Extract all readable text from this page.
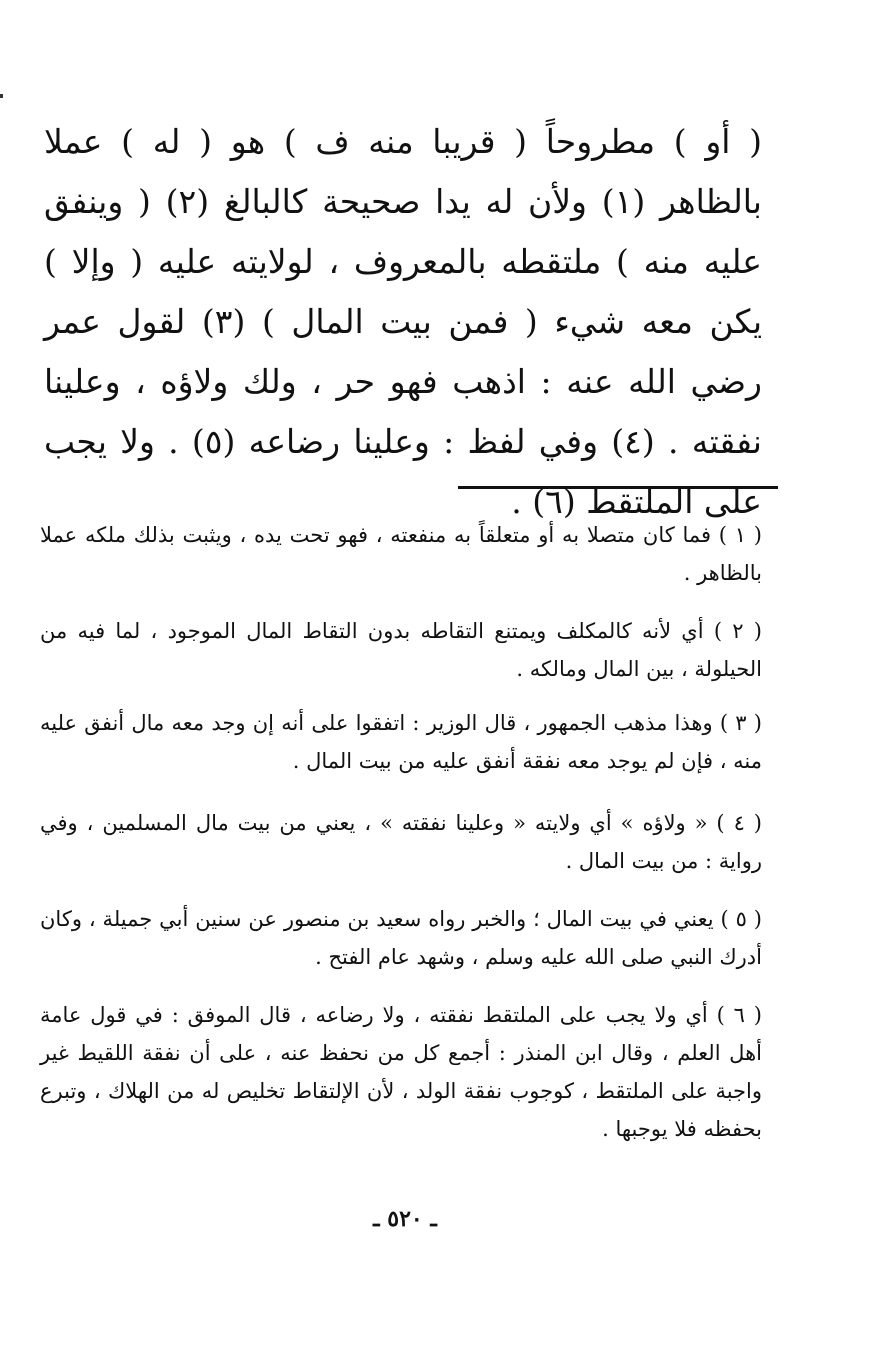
( أو ) مطروحاً ( قريبا منه ف ) هو ( له ) عملا بالظاهر (١) ولأن له يدا صحيحة كالبالغ (٢) ( وينفق عليه منه ) ملتقطه بالمعروف ، لولايته عليه ( وإلا ) يكن معه شيء ( فمن بيت المال ) (٣) لقول عمر رضي الله عنه : اذهب فهو حر ، ولك ولاؤه ، وعلينا نفقته . (٤) وفي لفظ : وعلينا رضاعه (٥) . ولا يجب على الملتقط (٦) .

( ١ ) فما كان متصلا به أو متعلقاً به منفعته ، فهو تحت يده ، ويثبت بذلك ملكه عملا بالظاهر .

( ٢ ) أي لأنه كالمكلف ويمتنع التقاطه بدون التقاط المال الموجود ، لما فيه من الحيلولة ، بين المال ومالكه .

( ٣ ) وهذا مذهب الجمهور ، قال الوزير : اتفقوا على أنه إن وجد معه مال أنفق عليه منه ، فإن لم يوجد معه نفقة أنفق عليه من بيت المال .

( ٤ ) « ولاؤه » أي ولايته « وعلينا نفقته » ، يعني من بيت مال المسلمين ، وفي رواية : من بيت المال .

( ٥ ) يعني في بيت المال ؛ والخبر رواه سعيد بن منصور عن سنين أبي جميلة ، وكان أدرك النبي صلى الله عليه وسلم ، وشهد عام الفتح .

( ٦ ) أي ولا يجب على الملتقط نفقته ، ولا رضاعه ، قال الموفق : في قول عامة أهل العلم ، وقال ابن المنذر : أجمع كل من نحفظ عنه ، على أن نفقة اللقيط غير واجبة على الملتقط ، كوجوب نفقة الولد ، لأن الإلتقاط تخليص له من الهلاك ، وتبرع بحفظه فلا يوجبها .

ـ ٥٢٠ ـ
